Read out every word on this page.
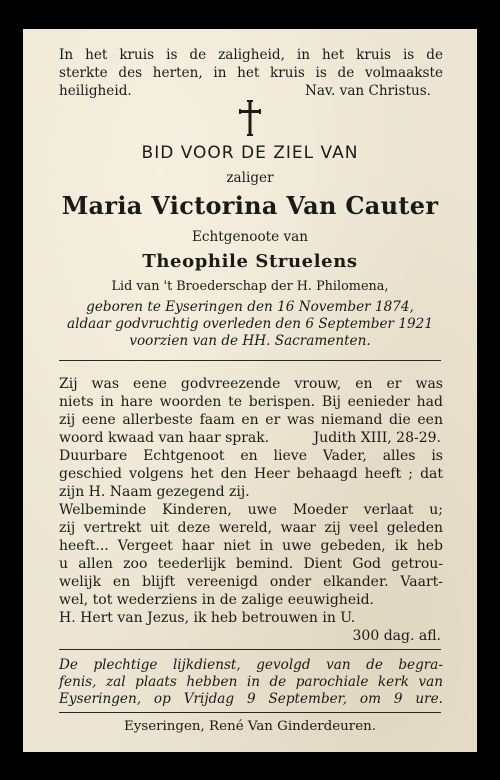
In het kruis is de zaligheid, in het kruis is de
sterkte des herten, in het kruis is de volmaakste
heiligheid.	Nav. van Christus.
BID VOOR DE ZIEL VAN
zaliger
Maria Victorina Van Cauter
Echtgenoote van
Theophile Struelens
Lid van 't Broederschap der H. Philomena,
geboren te Eyseringen den 16 November 1874,
aldaar godvruchtig overleden den 6 September 1921
voorzien van de HH. Sacramenten.
Zij was eene godvreezende vrouw, en er was
niets in hare woorden te berispen. Bij eenieder had
zij eene allerbeste faam en er was niemand die een
woord kwaad van haar sprak.	Judith XIII, 28-29.
Duurbare Echtgenoot en lieve Vader, alles is
geschied volgens het den Heer behaagd heeft ; dat
zijn H. Naam gezegend zij.
Welbeminde Kinderen, uwe Moeder verlaat u;
zij vertrekt uit deze wereld, waar zij veel geleden
heeft... Vergeet haar niet in uwe gebeden, ik heb
u allen zoo teederlijk bemind. Dient God getrou-
welijk en blijft vereenigd onder elkander. Vaart-
wel, tot wederziens in de zalige eeuwigheid.
H. Hert van Jezus, ik heb betrouwen in U.
300 dag. afl.
De plechtige lijkdienst, gevolgd van de begra-
fenis, zal plaats hebben in de parochiale kerk van
Eyseringen, op Vrijdag 9 September, om 9 ure.
Eyseringen, René Van Ginderdeuren.
